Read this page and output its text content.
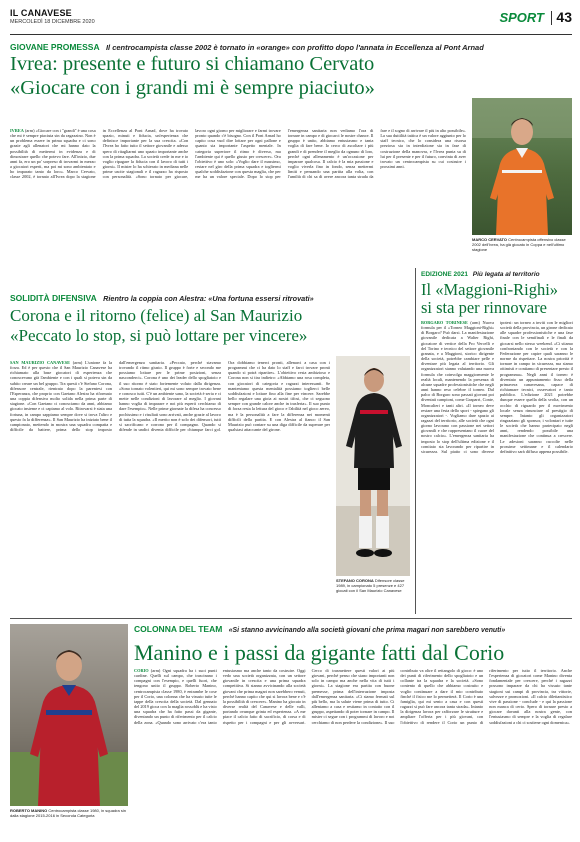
IL CANAVESE
MERCOLEDÌ 18 DICEMBRE 2020	SPORT 43
GIOVANE PROMESSA Il centrocampista classe 2002 è tornato in «orange» con profitto dopo l'annata in Eccellenza al Pont Arnad
Ivrea: presente e futuro si chiamano Cervato
«Giocare con i grandi mi è sempre piaciuto»
IVREA (arm) «Giocare con i "grandi" è una cosa che mi è sempre piaciuta sin da ragazzino. Non è un problema essere in prima squadra e ci sono grazie agli allenatori che mi hanno dato la possibilità di mettermi in evidenza e di dimostrare quello che potevo fare. All'inizio, due anni fa, ero un po' sorpreso di trovarmi in mezzo a giocatori esperti, ma poi mi sono ambientato e ho imparato tanto da loro». Marco Cervato, classe 2002, è tornato all'Ivrea dopo la stagione in Eccellenza al Pont Arnad, dove ha trovato spazio, minuti e fiducia, un'esperienza che definisce importante per la sua crescita. «Con l'Ivrea ho fatto tutto il settore giovanile e adesso spero di ritagliarmi uno spazio importante anche con la prima squadra. La società crede in me e io voglio ripagare la fiducia con il lavoro di tutti i giorni». Il mister lo ha schierato in mediana nelle prime uscite stagionali e il ragazzo ha risposto con personalità. «Sono tornato per giocare, lavoro ogni giorno per migliorare e farmi trovare pronto quando c'è bisogno. Con il Pont Arnad ho capito cosa vuol dire lottare per ogni pallone e quanto sia importante l'aspetto mentale. In categoria superiore il ritmo è diverso, ma l'ambiente qui è quello giusto per crescere». Ora l'obiettivo è uno solo: «Voglio dare il massimo, restare nel giro della prima squadra e togliermi qualche soddisfazione con questa maglia, che per me ha un valore speciale. Dopo lo stop per l'emergenza sanitaria non vediamo l'ora di tornare in campo e di giocarci le nostre chance. Il gruppo è unito, abbiamo entusiasmo e tanta voglia di fare bene. Io cerco di ascoltare i più grandi e di prendere il meglio da ognuno di loro, perché ogni allenamento è un'occasione per imparare qualcosa. Il calcio è la mia passione e voglio viverla fino in fondo, senza mettermi limiti e pensando una partita alla volta, con l'umiltà di chi sa di avere ancora tanta strada da fare e il sogno di arrivare il più in alto possibile». La sua duttilità tattica è un valore aggiunto per lo staff tecnico, che lo considera una risorsa preziosa sia in interdizione sia in fase di costruzione della manovra, e l'Ivrea punta su di lui per il presente e per il futuro, convinta di aver trovato un centrocampista su cui costruire i prossimi anni.
MARCO CERVATO Centrocampista offensivo classe 2002 dell'Ivrea, ha già giocato in Coppa e nell'ultimo stagione
EDIZIONE 2021 Più legata al territorio
Il «Maggioni-Righi»
si sta per rinnovare
BORGARO TORINESE (arm) Nuova formula per il «Torneo Maggioni-Righi» di Borgaro? Può darsi. La manifestazione giovanile dedicata a Walter Righi, giocatore di vertice della Pro Vercelli e del Torino e tecnico del settore giovanile granata, e a Maggioni, storico dirigente della società, potrebbe cambiare pelle e diventare più legata al territorio. Gli organizzatori stanno valutando una nuova formula che coinvolga maggiormente le realtà locali, mantenendo la presenza di alcune squadre professionistiche che negli anni hanno reso celebre il torneo. Dal palco di Borgaro sono passati giovani poi diventati campioni, come Gasparri, Conte, Moncalieri e tanti altri. «Il torneo deve restare una festa dello sport - spiegano gli organizzatori -. Vogliamo dare spazio ai ragazzi del territorio, alle società che ogni giorno lavorano con passione nei settori giovanili e che rappresentano il cuore del nostro calcio». L'emergenza sanitaria ha imposto lo stop dell'ultima edizione e il comitato sta lavorando per ripartire in sicurezza. Sul piatto ci sono diverse ipotesi: un torneo a inviti con le migliori società della provincia, un girone dedicato alle squadre professionistiche e una fase finale con le semifinali e le finali da giocarsi nello stesso weekend. «Ci stiamo confrontando con le società e con la Federazione per capire quali saranno le norme da rispettare. La nostra priorità è tornare in campo in sicurezza, ma siamo ottimisti e contiamo di presentare presto il programma». Negli anni il torneo è diventato un appuntamento fisso della primavera canavesana, capace di richiamare tecnici, osservatori e tanto pubblico. L'edizione 2021 potrebbe dunque essere quella della svolta, con un occhio di riguardo per il movimento locale senza rinunciare al prestigio di sempre. Intanto gli organizzatori ringraziano gli sponsor, i volontari e tutte le società che hanno partecipato negli anni, rendendo possibile una manifestazione che continua a crescere. Le adesioni saranno raccolte nelle prossime settimane e il calendario definitivo sarà diffuso appena possibile.
SOLIDITÀ DIFENSIVA Rientro la coppia con Alestra: «Una fortuna essersi ritrovati»
Corona e il ritorno (felice) al San Maurizio
«Peccato lo stop, si può lottare per vincere»
SAN MAURIZIO CANAVESE (arm) L'unione fa la forza. Ed è per questo che il San Maurizio Canavese ha richiamato alla base giocatori di esperienza che conoscevano già l'ambiente e con i quali si poteva sin da subito creare un bel gruppo. Tra questi c'è Stefano Corona, difensore centrale, rientrato dopo la parentesi con l'Esperanza, che proprio con Gaetano Alestra ha riformato una coppia difensiva molto solida nella prima parte di stagione. «Con Gaetano ci conosciamo da anni, abbiamo giocato insieme e ci capiamo al volo. Ritrovarsi è stata una fortuna, in campo sappiamo sempre dove si trova l'altro e questo fa la differenza». Il San Maurizio ha iniziato bene il campionato, mettendo in mostra una squadra compatta e difficile da battere, prima dello stop imposto dall'emergenza sanitaria. «Peccato, perché stavamo trovando il ritmo giusto. Il gruppo è forte e secondo me possiamo lottare per le prime posizioni, senza nasconderci». Corona è uno dei leader dello spogliatoio e il suo ritorno è stato fortemente voluto dalla dirigenza. «Sono tornato volentieri, qui mi sono sempre trovato bene e conosco tutti. C'è un ambiente sano, la società è seria e ci mette nelle condizioni di lavorare al meglio. I giovani hanno voglia di imparare e noi più esperti cerchiamo di dare l'esempio». Nelle prime giornate la difesa ha concesso pochissimo e i risultati sono arrivati, anche grazie al lavoro di tutta la squadra. «Il merito non è solo dei difensori, tutti si sacrificano e corrono per il compagno. Quando si difende in undici diventa difficile per chiunque farci gol. Ora dobbiamo tenerci pronti, allenarci a casa con i programmi che ci ha dato lo staff e farci trovare pronti quando si potrà ripartire». L'obiettivo resta ambizioso e Corona non si tira indietro: «Abbiamo una rosa completa, con giocatori di categoria e ragazzi interessanti. Se manteniamo questa mentalità possiamo toglierci belle soddisfazioni e lottare fino alla fine per vincere. Sarebbe bello regalare una gioia ai nostri tifosi, che ci seguono sempre con grande calore anche in trasferta». Il suo punto di forza resta la lettura del gioco e l'abilità nel gioco aereo, ma è la personalità a fare la differenza nei momenti difficili della partita. E con Alestra al fianco il San Maurizio può contare su una diga difficile da superare per qualsiasi attaccante del girone.
STEFANO CORONA Difensore classe 1989, in campionato 5 presenze e 427 giocati con il San Maurizio Canavese
ROBERTO MANINO Centrocampista classe 1980, in squadra sin dalla stagione 2015-2016 in Seconda Categoria
COLONNA DEL TEAM «Si stanno avvicinando alla società giovani che prima magari non sarebbero venuti»
Manino e i passi da gigante fatti dal Corio
CORIO (arm) Ogni squadra ha i suoi punti cardine. Quelli sul campo, che trascinano i compagni con l'esempio, e quelli fuori, che tengono unito il gruppo. Roberto Manino, centrocampista classe 1980, è entrambe le cose per il Corio, una colonna che ha vissuto tutte le tappe della crescita della società. Dal gennaio del 2019 gioca con la maglia rossoblù e ha visto una squadra che ha fatto passi da gigante, diventando un punto di riferimento per il calcio della zona. «Quando sono arrivato c'era tanto entusiasmo ma anche tanto da costruire. Oggi vedo una società organizzata, con un settore giovanile in crescita e una prima squadra competitiva. Si stanno avvicinando alla società giovani che prima magari non sarebbero venuti, perché hanno capito che qui si lavora bene e c'è la possibilità di crescere». Manino ha giocato in diverse realtà del Canavese e delle valli, portando ovunque grinta ed esperienza. «A me piace il calcio fatto di sacrificio, di corsa e di rispetto per i compagni e per gli avversari. Cerco di trasmettere questi valori ai più giovani, perché penso che siano importanti non solo in campo ma anche nella vita di tutti i giorni». La stagione era partita con buone premesse, prima dell'interruzione imposta dall'emergenza sanitaria. «Ci siamo fermati sul più bello, ma la salute viene prima di tutto. Ci alleniamo a casa e restiamo in contatto con il gruppo, aspettando di poter tornare in campo. Il mister ci segue con i programmi di lavoro e noi cerchiamo di non perdere la condizione». Il suo contributo va oltre il rettangolo di gioco: è uno dei punti di riferimento dello spogliatoio e un collante tra la squadra e la società. «Sono contento di quello che abbiamo costruito e voglio continuare a dare il mio contributo finché il fisico me lo permetterà. Il Corio è una famiglia, qui mi sento a casa e con questi ragazzi si può fare ancora tanta strada». Intanto la dirigenza lavora per rafforzare le strutture e ampliare l'offerta per i più giovani, con l'obiettivo di rendere il Corio un punto di riferimento per tutto il territorio. Anche l'esperienza di giocatori come Manino diventa fondamentale per crescere, perché i ragazzi possono imparare da chi ha vissuto tante stagioni sui campi di provincia, tra vittorie, salvezze e promozioni. «Il calcio dilettantistico vive di passione - conclude - e qui la passione non manca di certo. Spero di tornare presto a giocare davanti alla nostra gente, con l'entusiasmo di sempre e la voglia di regalare soddisfazioni a chi ci sostiene ogni domenica».
